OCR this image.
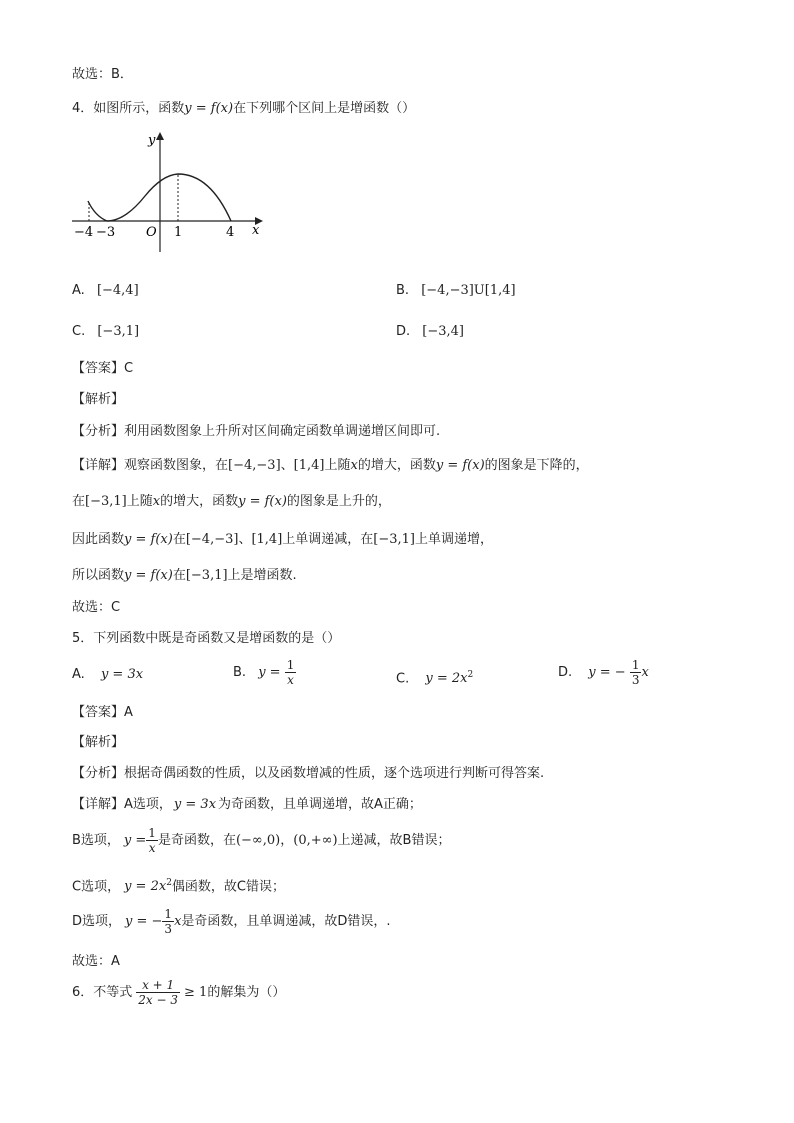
故选：B．
4．如图所示，函数y = f(x)在下列哪个区间上是增函数（）
y
x
O
−4 −3	1	4
A. [−4,4]	B. [−4,−3]U[1,4]
C. [−3,1]	D. [−3,4]
【答案】C
【解析】
【分析】利用函数图象上升所对区间确定函数单调递增区间即可.
【详解】观察函数图象，在[−4,−3]、[1,4]上随x的增大，函数y = f(x)的图象是下降的，
在[−3,1]上随x的增大，函数y = f(x)的图象是上升的，
因此函数y = f(x)在[−4,−3]、[1,4]上单调递减，在[−3,1]上单调递增，
所以函数y = f(x)在[−3,1]上是增函数.
故选：C
5．下列函数中既是奇函数又是增函数的是（）
A. y = 3x	B. $y = \frac{1}{x}$	C. $y = 2x^2$	D. y = − $\frac{1}{3}$ x
【答案】A
【解析】
【分析】根据奇偶函数的性质，以及函数增减的性质，逐个选项进行判断可得答案.
【详解】A选项， y = 3x 为奇函数，且单调递增，故A正确；
B选项， $y = \frac{1}{x}$ 是奇函数，在(−∞,0)，(0,+∞)上递减，故B错误；
C选项， $y = 2x^2$偶函数，故C错误；
D选项， y = − $\frac{1}{3}$ x是奇函数，且单调递减，故D错误，.
故选：A
6．不等式 $\frac{x + 1}{2x - 3} \ge 1$的解集为（）
